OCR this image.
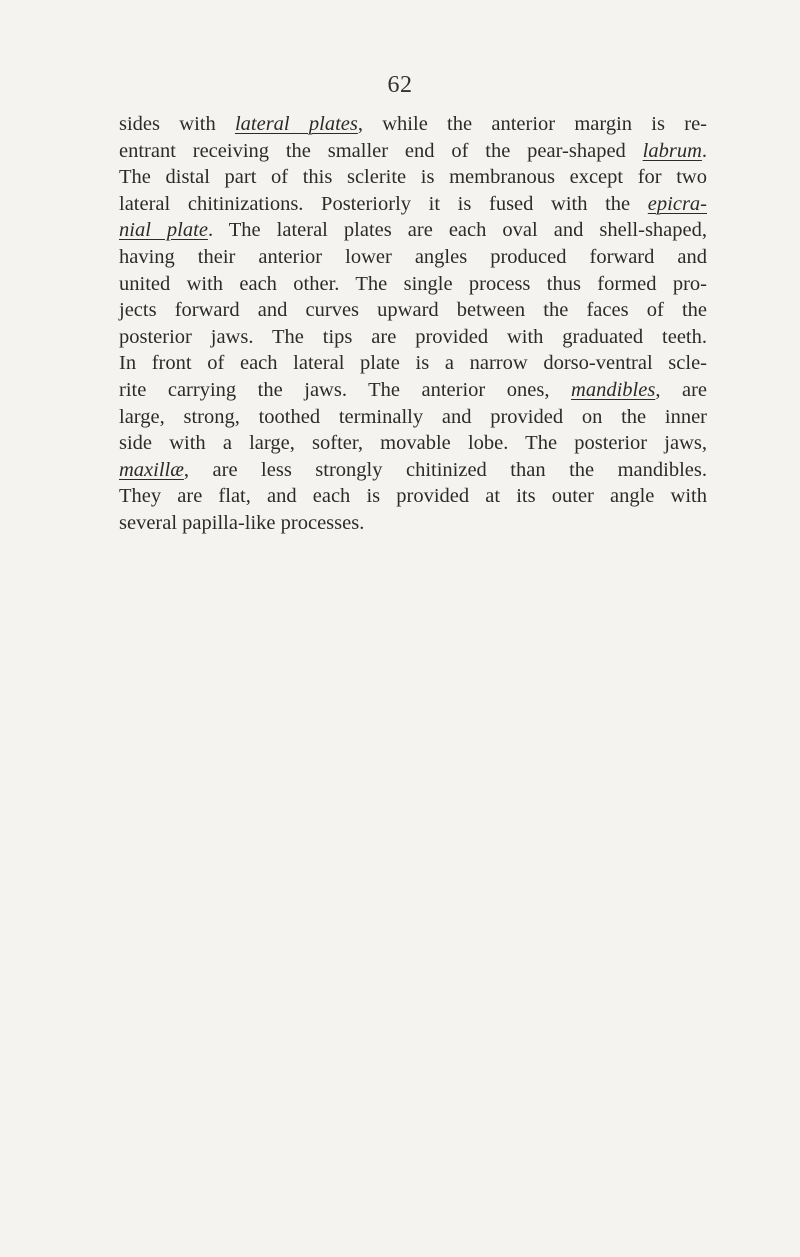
62

sides with lateral plates, while the anterior margin is re-
entrant receiving the smaller end of the pear-shaped labrum.
The distal part of this sclerite is membranous except for two
lateral chitinizations. Posteriorly it is fused with the epicra-
nial plate. The lateral plates are each oval and shell-shaped,
having their anterior lower angles produced forward and
united with each other. The single process thus formed pro-
jects forward and curves upward between the faces of the
posterior jaws. The tips are provided with graduated teeth.
In front of each lateral plate is a narrow dorso-ventral scle-
rite carrying the jaws. The anterior ones, mandibles, are
large, strong, toothed terminally and provided on the inner
side with a large, softer, movable lobe. The posterior jaws,
maxillæ, are less strongly chitinized than the mandibles.
They are flat, and each is provided at its outer angle with
several papilla-like processes.
